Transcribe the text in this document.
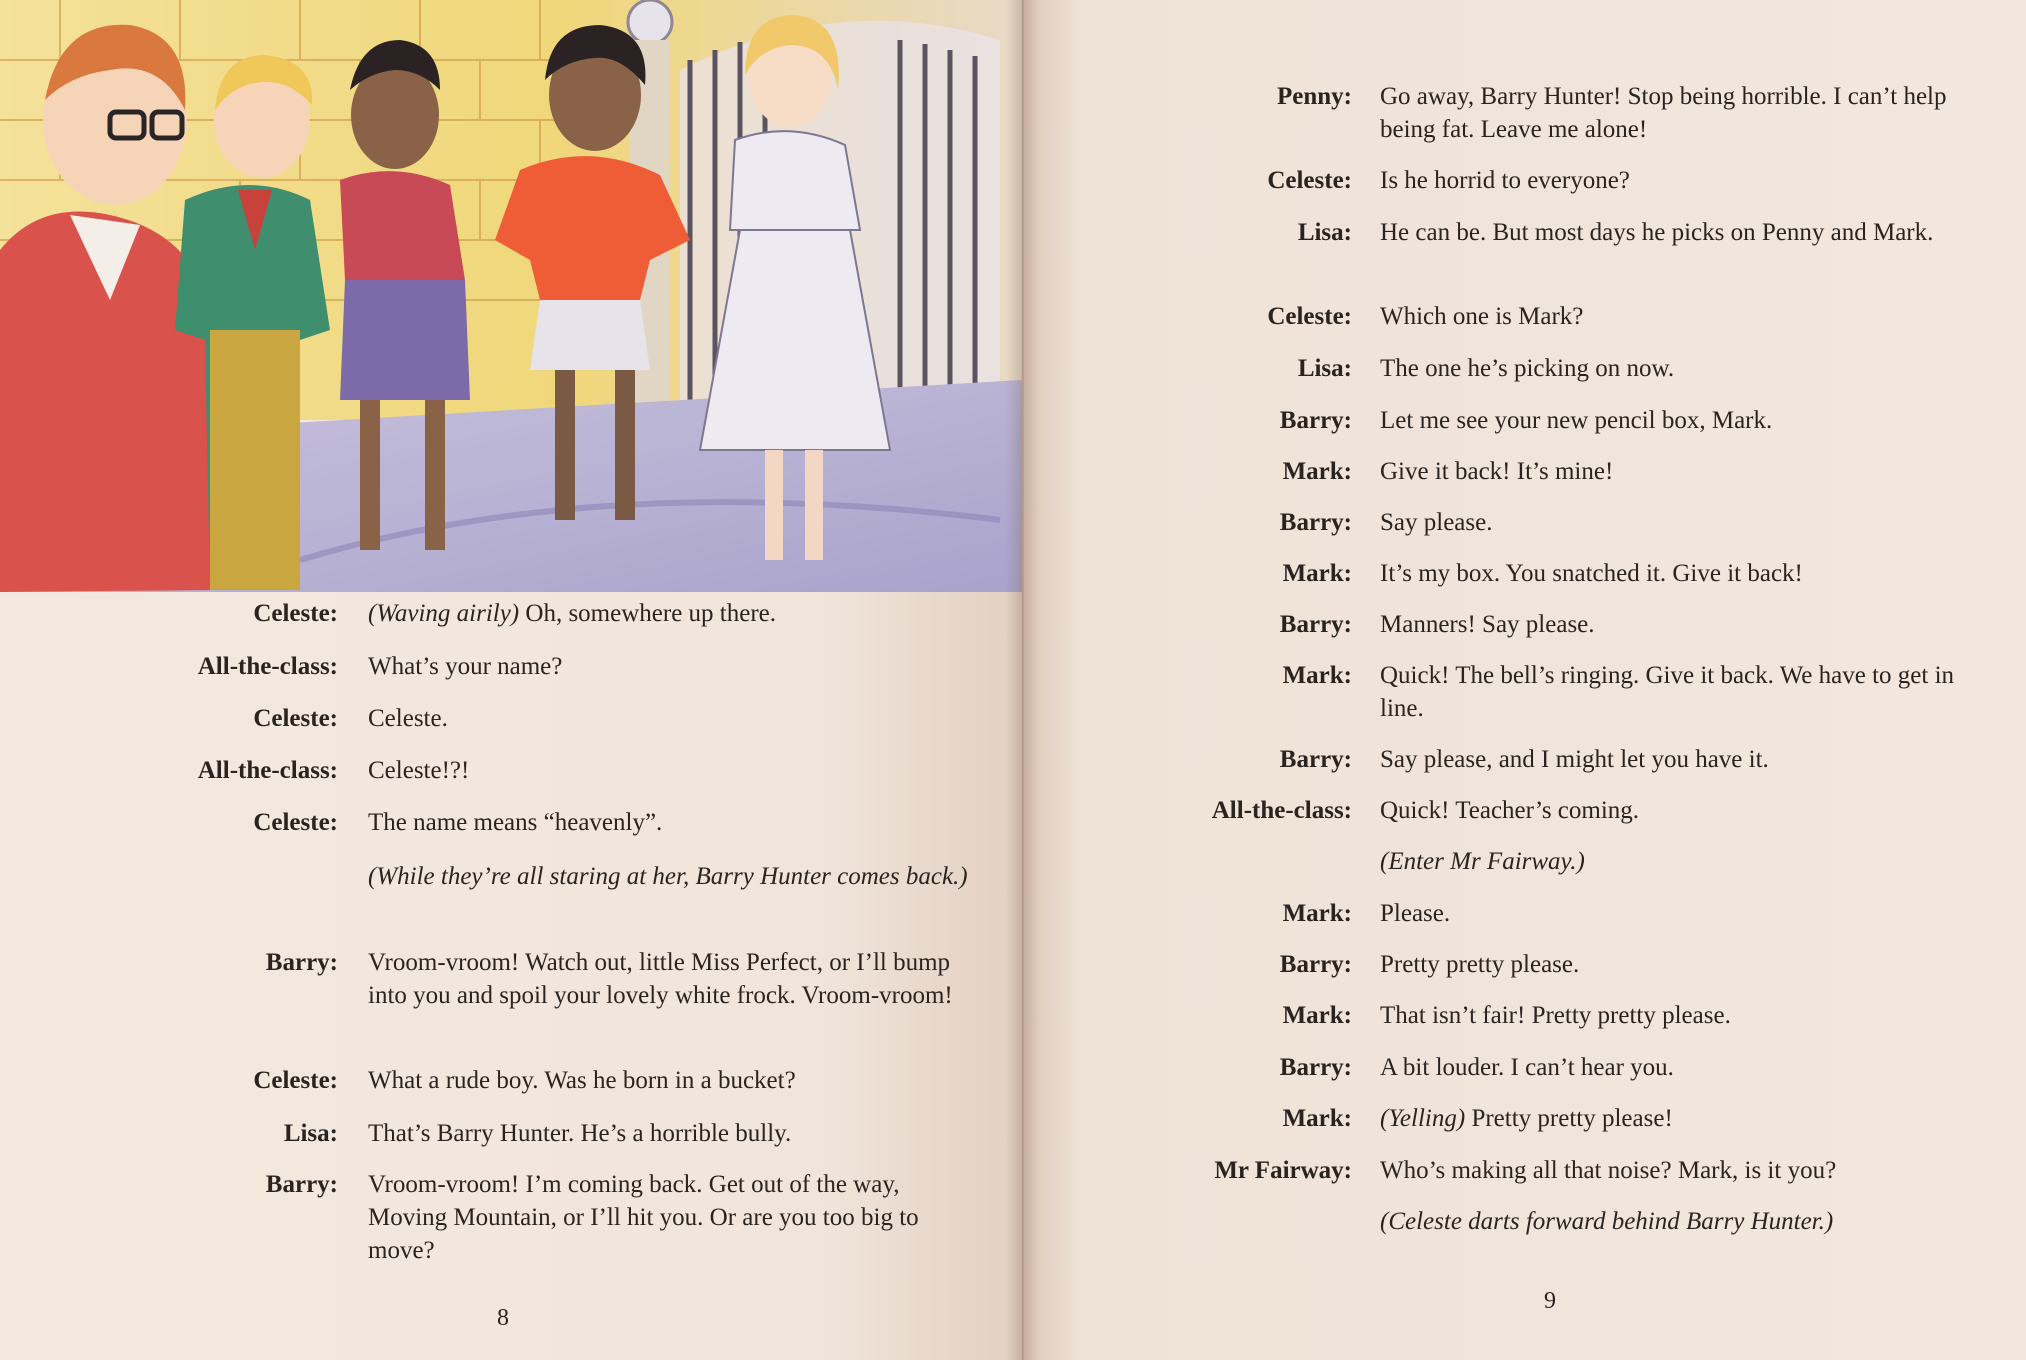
Celeste: (Waving airily) Oh, somewhere up there.
All-the-class: What’s your name?
Celeste: Celeste.
All-the-class: Celeste!?!
Celeste: The name means “heavenly”.
(While they’re all staring at her, Barry Hunter comes back.)
Barry: Vroom-vroom! Watch out, little Miss Perfect, or I’ll bump into you and spoil your lovely white frock. Vroom-vroom!
Celeste: What a rude boy. Was he born in a bucket?
Lisa: That’s Barry Hunter. He’s a horrible bully.
Barry: Vroom-vroom! I’m coming back. Get out of the way, Moving Mountain, or I’ll hit you. Or are you too big to move?
8
Penny: Go away, Barry Hunter! Stop being horrible. I can’t help being fat. Leave me alone!
Celeste: Is he horrid to everyone?
Lisa: He can be. But most days he picks on Penny and Mark.
Celeste: Which one is Mark?
Lisa: The one he’s picking on now.
Barry: Let me see your new pencil box, Mark.
Mark: Give it back! It’s mine!
Barry: Say please.
Mark: It’s my box. You snatched it. Give it back!
Barry: Manners! Say please.
Mark: Quick! The bell’s ringing. Give it back. We have to get in line.
Barry: Say please, and I might let you have it.
All-the-class: Quick! Teacher’s coming.
(Enter Mr Fairway.)
Mark: Please.
Barry: Pretty pretty please.
Mark: That isn’t fair! Pretty pretty please.
Barry: A bit louder. I can’t hear you.
Mark: (Yelling) Pretty pretty please!
Mr Fairway: Who’s making all that noise? Mark, is it you?
(Celeste darts forward behind Barry Hunter.)
9
